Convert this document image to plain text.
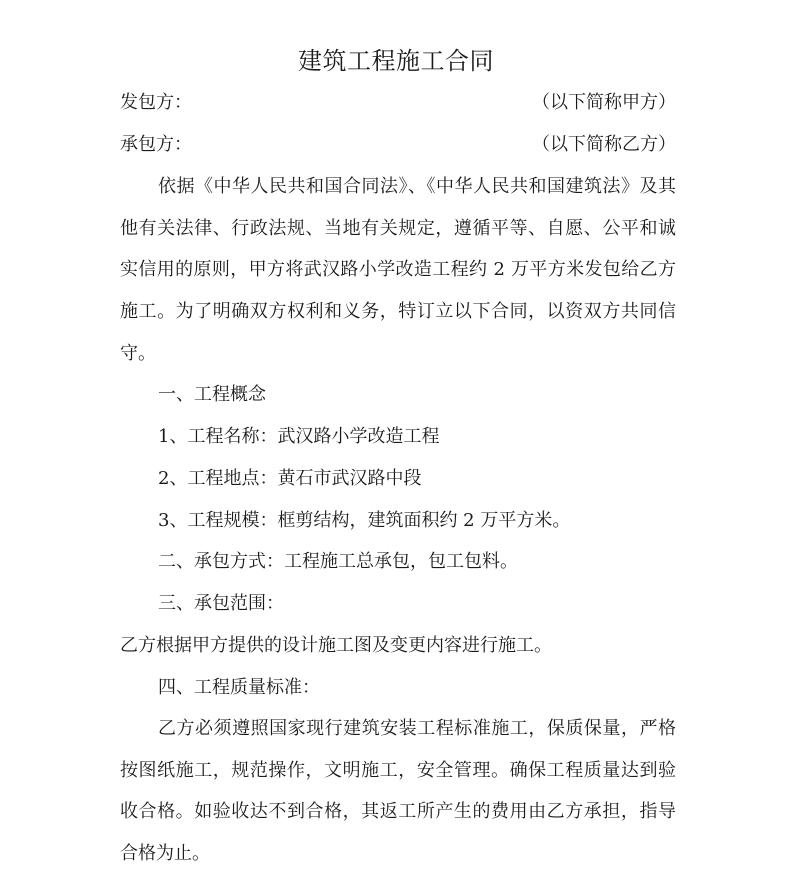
建筑工程施工合同
发包方：	（以下简称甲方）
承包方：	（以下简称乙方）
依据《中华人民共和国合同法》、《中华人民共和国建筑法》及其他有关法律、行政法规、当地有关规定，遵循平等、自愿、公平和诚实信用的原则，甲方将武汉路小学改造工程约 2 万平方米发包给乙方施工。为了明确双方权利和义务，特订立以下合同，以资双方共同信守。
一、工程概念
1、工程名称：武汉路小学改造工程
2、工程地点：黄石市武汉路中段
3、工程规模：框剪结构，建筑面积约 2 万平方米。
二、承包方式：工程施工总承包，包工包料。
三、承包范围：
乙方根据甲方提供的设计施工图及变更内容进行施工。
四、工程质量标准：
乙方必须遵照国家现行建筑安装工程标准施工，保质保量，严格按图纸施工，规范操作，文明施工，安全管理。确保工程质量达到验收合格。如验收达不到合格，其返工所产生的费用由乙方承担，指导合格为止。
